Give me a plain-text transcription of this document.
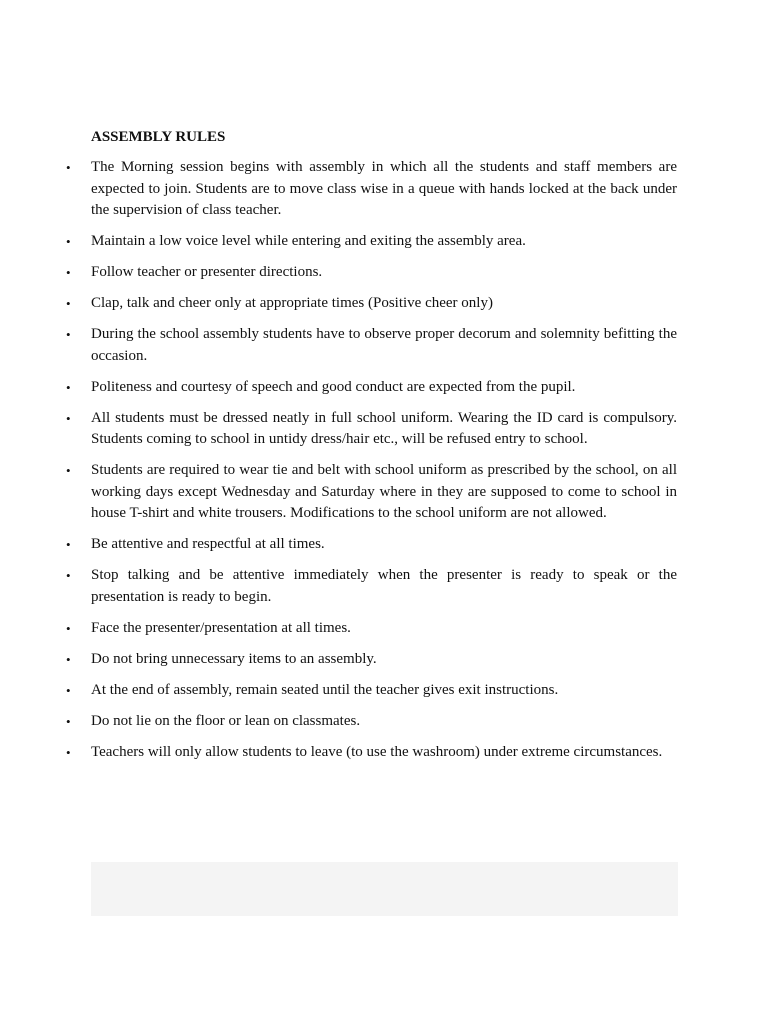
ASSEMBLY RULES
• The Morning session begins with assembly in which all the students and staff members are expected to join. Students are to move class wise in a queue with hands locked at the back under the supervision of class teacher.
• Maintain a low voice level while entering and exiting the assembly area.
• Follow teacher or presenter directions.
• Clap, talk and cheer only at appropriate times (Positive cheer only)
• During the school assembly students have to observe proper decorum and solemnity befitting the occasion.
• Politeness and courtesy of speech and good conduct are expected from the pupil.
• All students must be dressed neatly in full school uniform. Wearing the ID card is compulsory. Students coming to school in untidy dress/hair etc., will be refused entry to school.
• Students are required to wear tie and belt with school uniform as prescribed by the school, on all working days except Wednesday and Saturday where in they are supposed to come to school in house T-shirt and white trousers. Modifications to the school uniform are not allowed.
• Be attentive and respectful at all times.
• Stop talking and be attentive immediately when the presenter is ready to speak or the presentation is ready to begin.
• Face the presenter/presentation at all times.
• Do not bring unnecessary items to an assembly.
• At the end of assembly, remain seated until the teacher gives exit instructions.
• Do not lie on the floor or lean on classmates.
• Teachers will only allow students to leave (to use the washroom) under extreme circumstances.
